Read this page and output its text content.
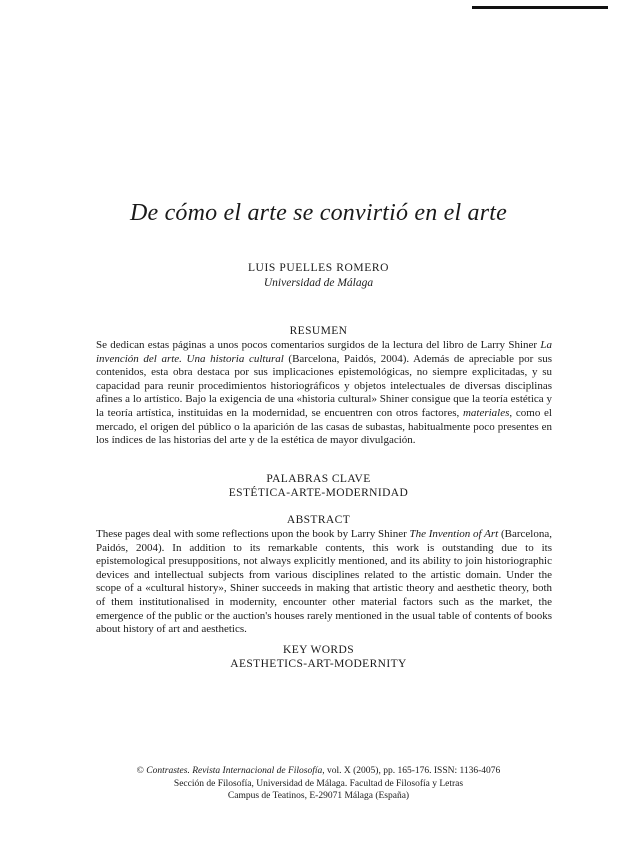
De cómo el arte se convirtió en el arte
LUIS PUELLES ROMERO
Universidad de Málaga
RESUMEN
Se dedican estas páginas a unos pocos comentarios surgidos de la lectura del libro de Larry Shiner La invención del arte. Una historia cultural (Barcelona, Paidós, 2004). Además de apreciable por sus contenidos, esta obra destaca por sus implicaciones epistemológicas, no siempre explicitadas, y su capacidad para reunir procedimientos historiográficos y objetos intelectuales de diversas disciplinas afines a lo artístico. Bajo la exigencia de una «historia cultural» Shiner consigue que la teoría estética y la teoría artística, instituidas en la modernidad, se encuentren con otros factores, materiales, como el mercado, el origen del público o la aparición de las casas de subastas, habitualmente poco presentes en los índices de las historias del arte y de la estética de mayor divulgación.
PALABRAS CLAVE
ESTÉTICA-ARTE-MODERNIDAD
ABSTRACT
These pages deal with some reflections upon the book by Larry Shiner The Invention of Art (Barcelona, Paidós, 2004). In addition to its remarkable contents, this work is outstanding due to its epistemological presuppositions, not always explicitly mentioned, and its ability to join historiographic devices and intellectual subjects from various disciplines related to the artistic domain. Under the scope of a «cultural history», Shiner succeeds in making that artistic theory and aesthetic theory, both of them institutionalised in modernity, encounter other material factors such as the market, the emergence of the public or the auction's houses rarely mentioned in the usual table of contents of books about history of art and aesthetics.
KEY WORDS
AESTHETICS-ART-MODERNITY
© Contrastes. Revista Internacional de Filosofía, vol. X (2005), pp. 165-176. ISSN: 1136-4076
Sección de Filosofía, Universidad de Málaga. Facultad de Filosofía y Letras
Campus de Teatinos, E-29071 Málaga (España)
